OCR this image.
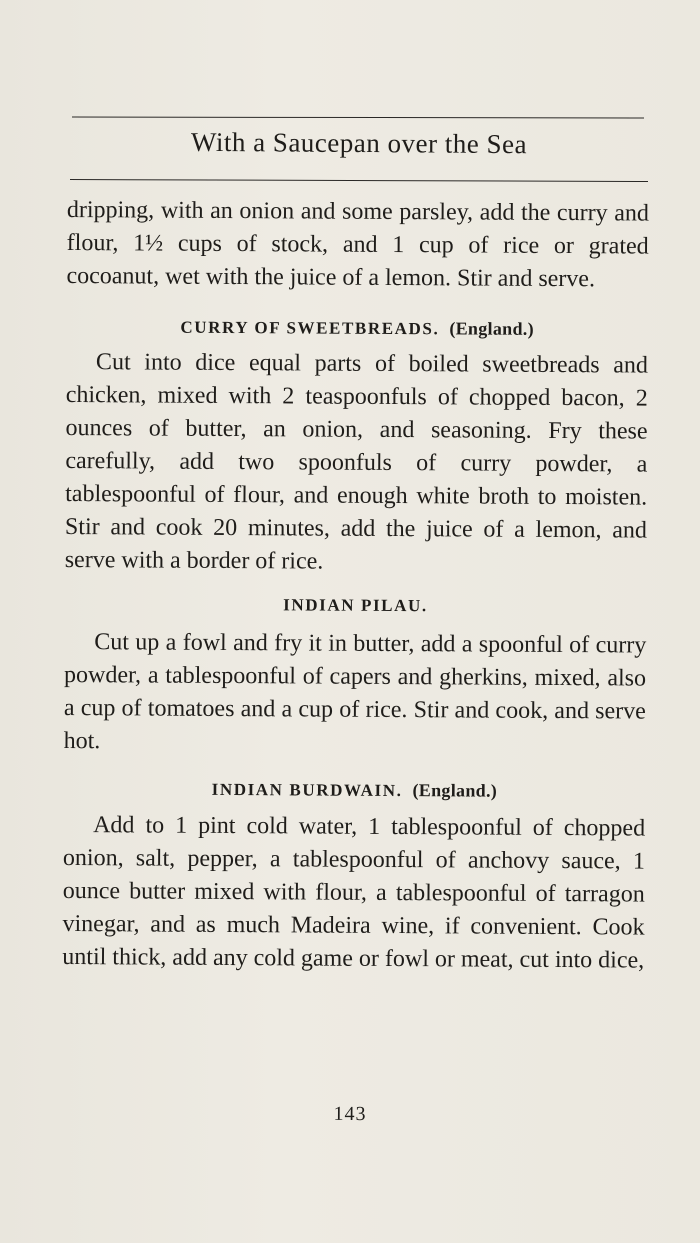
With a Saucepan over the Sea

dripping, with an onion and some parsley, add the curry and flour, 1½ cups of stock, and 1 cup of rice or grated cocoanut, wet with the juice of a lemon. Stir and serve.

CURRY OF SWEETBREADS. (England.)

Cut into dice equal parts of boiled sweetbreads and chicken, mixed with 2 teaspoonfuls of chopped bacon, 2 ounces of butter, an onion, and seasoning. Fry these carefully, add two spoonfuls of curry powder, a tablespoonful of flour, and enough white broth to moisten. Stir and cook 20 minutes, add the juice of a lemon, and serve with a border of rice.

INDIAN PILAU.

Cut up a fowl and fry it in butter, add a spoonful of curry powder, a tablespoonful of capers and gherkins, mixed, also a cup of tomatoes and a cup of rice. Stir and cook, and serve hot.

INDIAN BURDWAIN. (England.)

Add to 1 pint cold water, 1 tablespoonful of chopped onion, salt, pepper, a tablespoonful of anchovy sauce, 1 ounce butter mixed with flour, a tablespoonful of tarragon vinegar, and as much Madeira wine, if convenient. Cook until thick, add any cold game or fowl or meat, cut into dice,

143
